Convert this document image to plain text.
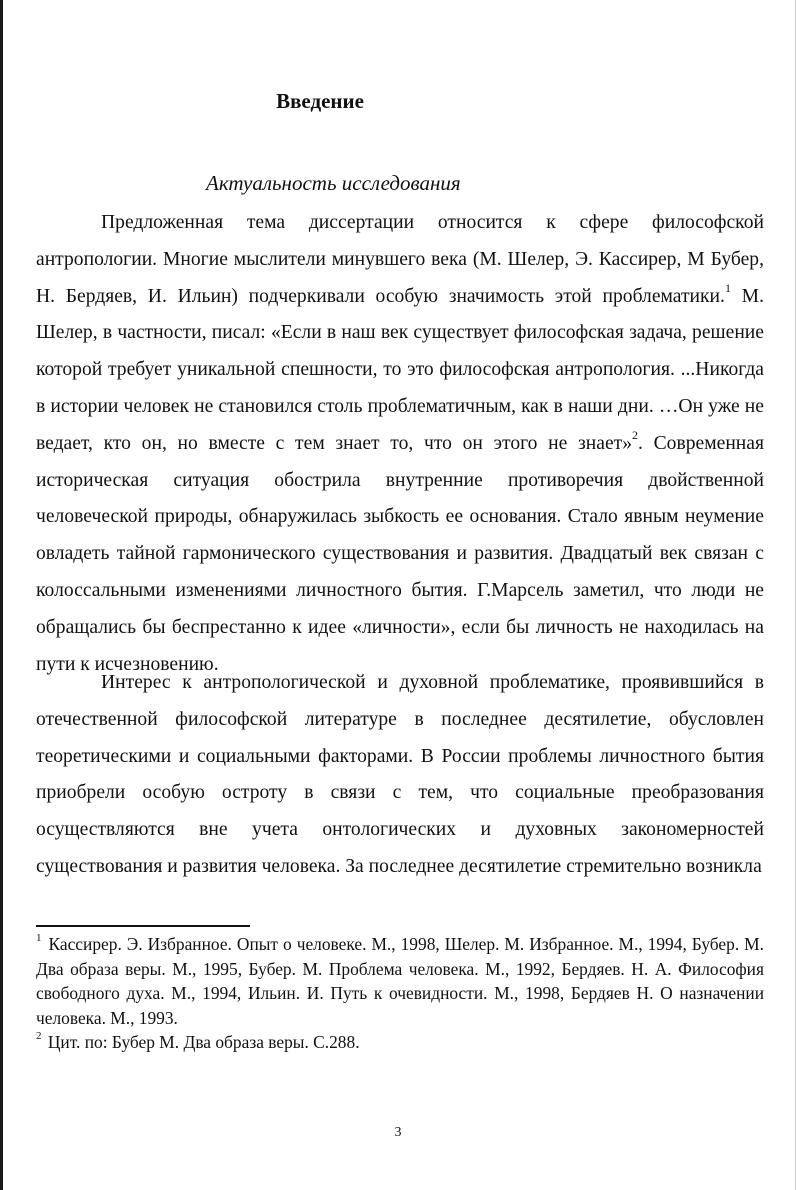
Введение
Актуальность исследования

Предложенная тема диссертации относится к сфере философской антропологии. Многие мыслители минувшего века (М. Шелер, Э. Кассирер, М Бубер, Н. Бердяев, И. Ильин) подчеркивали особую значимость этой проблематики.$^1$ М. Шелер, в частности, писал: «Если в наш век существует философская задача, решение которой требует уникальной спешности, то это философская антропология. ...Никогда в истории человек не становился столь проблематичным, как в наши дни. …Он уже не ведает, кто он, но вместе с тем знает то, что он этого не знает»$^2$. Современная историческая ситуация обострила внутренние противоречия двойственной человеческой природы, обнаружилась зыбкость ее основания. Стало явным неумение овладеть тайной гармонического существования и развития. Двадцатый век связан с колоссальными изменениями личностного бытия. Г.Марсель заметил, что люди не обращались бы беспрестанно к идее «личности», если бы личность не находилась на пути к исчезновению.

Интерес к антропологической и духовной проблематике, проявившийся в отечественной философской литературе в последнее десятилетие, обусловлен теоретическими и социальными факторами. В России проблемы личностного бытия приобрели особую остроту в связи с тем, что социальные преобразования осуществляются вне учета онтологических и духовных закономерностей существования и развития человека. За последнее десятилетие стремительно возникла

$^1$ Кассирер. Э. Избранное. Опыт о человеке. М., 1998, Шелер. М. Избранное. М., 1994, Бубер. М. Два образа веры. М., 1995, Бубер. М. Проблема человека. М., 1992, Бердяев. Н. А. Философия свободного духа. М., 1994, Ильин. И. Путь к очевидности. М., 1998, Бердяев Н. О назначении человека. М., 1993.

$^2$ Цит. по: Бубер М. Два образа веры. С.288.

3
